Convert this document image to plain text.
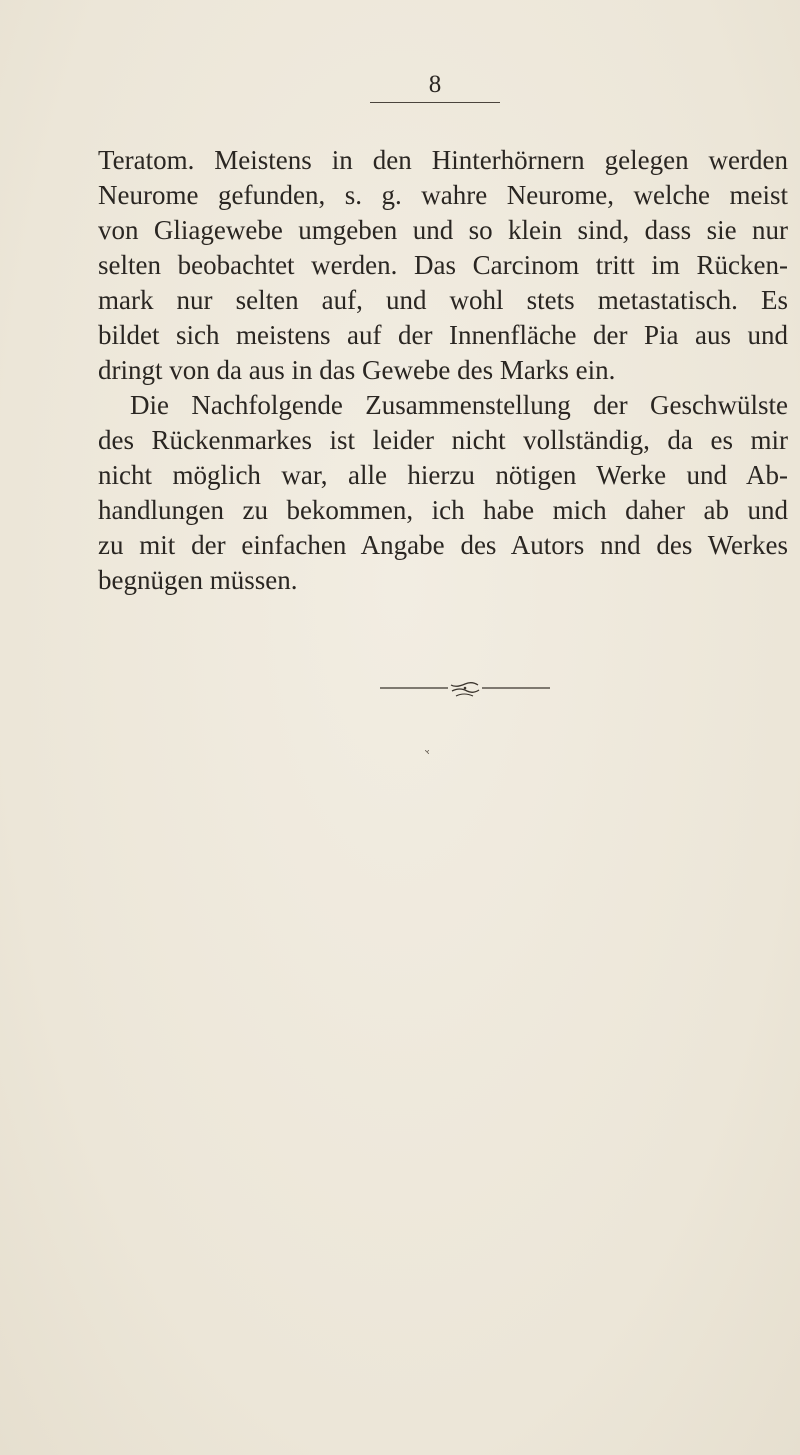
8
Teratom. Meistens in den Hinterhörnern gelegen werden
Neurome gefunden, s. g. wahre Neurome, welche meist
von Gliagewebe umgeben und so klein sind, dass sie nur
selten beobachtet werden. Das Carcinom tritt im Rücken-
mark nur selten auf, und wohl stets metastatisch. Es
bildet sich meistens auf der Innenfläche der Pia aus und
dringt von da aus in das Gewebe des Marks ein.
Die Nachfolgende Zusammenstellung der Geschwülste
des Rückenmarkes ist leider nicht vollständig, da es mir
nicht möglich war, alle hierzu nötigen Werke und Ab-
handlungen zu bekommen, ich habe mich daher ab und
zu mit der einfachen Angabe des Autors nnd des Werkes
begnügen müssen.
